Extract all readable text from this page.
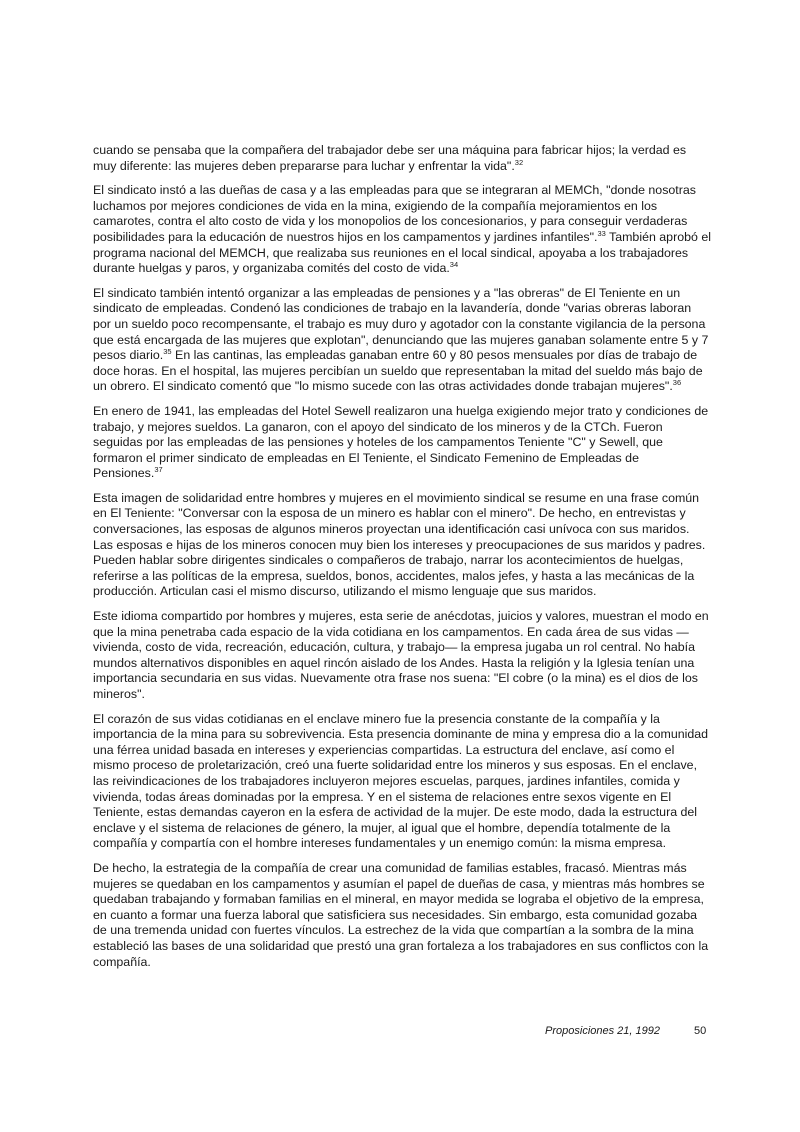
cuando se pensaba que la compañera del trabajador debe ser una máquina para fabricar hijos; la verdad es muy diferente: las mujeres deben prepararse para luchar y enfrentar la vida".$^{32}$

El sindicato instó a las dueñas de casa y a las empleadas para que se integraran al MEMCh, "donde nosotras luchamos por mejores condiciones de vida en la mina, exigiendo de la compañía mejoramientos en los camarotes, contra el alto costo de vida y los monopolios de los concesionarios, y para conseguir verdaderas posibilidades para la educación de nuestros hijos en los campamentos y jardines infantiles".$^{33}$ También aprobó el programa nacional del MEMCH, que realizaba sus reuniones en el local sindical, apoyaba a los trabajadores durante huelgas y paros, y organizaba comités del costo de vida.$^{34}$

El sindicato también intentó organizar a las empleadas de pensiones y a "las obreras" de El Teniente en un sindicato de empleadas. Condenó las condiciones de trabajo en la lavandería, donde "varias obreras laboran por un sueldo poco recompensante, el trabajo es muy duro y agotador con la constante vigilancia de la persona que está encargada de las mujeres que explotan", denunciando que las mujeres ganaban solamente entre 5 y 7 pesos diario.$^{35}$ En las cantinas, las empleadas ganaban entre 60 y 80 pesos mensuales por días de trabajo de doce horas. En el hospital, las mujeres percibían un sueldo que representaban la mitad del sueldo más bajo de un obrero. El sindicato comentó que "lo mismo sucede con las otras actividades donde trabajan mujeres".$^{36}$

En enero de 1941, las empleadas del Hotel Sewell realizaron una huelga exigiendo mejor trato y condiciones de trabajo, y mejores sueldos. La ganaron, con el apoyo del sindicato de los mineros y de la CTCh. Fueron seguidas por las empleadas de las pensiones y hoteles de los campamentos Teniente "C" y Sewell, que formaron el primer sindicato de empleadas en El Teniente, el Sindicato Femenino de Empleadas de Pensiones.$^{37}$

Esta imagen de solidaridad entre hombres y mujeres en el movimiento sindical se resume en una frase común en El Teniente: "Conversar con la esposa de un minero es hablar con el minero". De hecho, en entrevistas y conversaciones, las esposas de algunos mineros proyectan una identificación casi unívoca con sus maridos. Las esposas e hijas de los mineros conocen muy bien los intereses y preocupaciones de sus maridos y padres. Pueden hablar sobre dirigentes sindicales o compañeros de trabajo, narrar los acontecimientos de huelgas, referirse a las políticas de la empresa, sueldos, bonos, accidentes, malos jefes, y hasta a las mecánicas de la producción. Articulan casi el mismo discurso, utilizando el mismo lenguaje que sus maridos.

Este idioma compartido por hombres y mujeres, esta serie de anécdotas, juicios y valores, muestran el modo en que la mina penetraba cada espacio de la vida cotidiana en los campamentos. En cada área de sus vidas —vivienda, costo de vida, recreación, educación, cultura, y trabajo— la empresa jugaba un rol central. No había mundos alternativos disponibles en aquel rincón aislado de los Andes. Hasta la religión y la Iglesia tenían una importancia secundaria en sus vidas. Nuevamente otra frase nos suena: "El cobre (o la mina) es el dios de los mineros".

El corazón de sus vidas cotidianas en el enclave minero fue la presencia constante de la compañía y la importancia de la mina para su sobrevivencia. Esta presencia dominante de mina y empresa dio a la comunidad una férrea unidad basada en intereses y experiencias compartidas. La estructura del enclave, así como el mismo proceso de proletarización, creó una fuerte solidaridad entre los mineros y sus esposas. En el enclave, las reivindicaciones de los trabajadores incluyeron mejores escuelas, parques, jardines infantiles, comida y vivienda, todas áreas dominadas por la empresa. Y en el sistema de relaciones entre sexos vigente en El Teniente, estas demandas cayeron en la esfera de actividad de la mujer. De este modo, dada la estructura del enclave y el sistema de relaciones de género, la mujer, al igual que el hombre, dependía totalmente de la compañía y compartía con el hombre intereses fundamentales y un enemigo común: la misma empresa.

De hecho, la estrategia de la compañía de crear una comunidad de familias estables, fracasó. Mientras más mujeres se quedaban en los campamentos y asumían el papel de dueñas de casa, y mientras más hombres se quedaban trabajando y formaban familias en el mineral, en mayor medida se lograba el objetivo de la empresa, en cuanto a formar una fuerza laboral que satisficiera sus necesidades. Sin embargo, esta comunidad gozaba de una tremenda unidad con fuertes vínculos. La estrechez de la vida que compartían a la sombra de la mina estableció las bases de una solidaridad que prestó una gran fortaleza a los trabajadores en sus conflictos con la compañía.

Proposiciones 21, 1992	50
